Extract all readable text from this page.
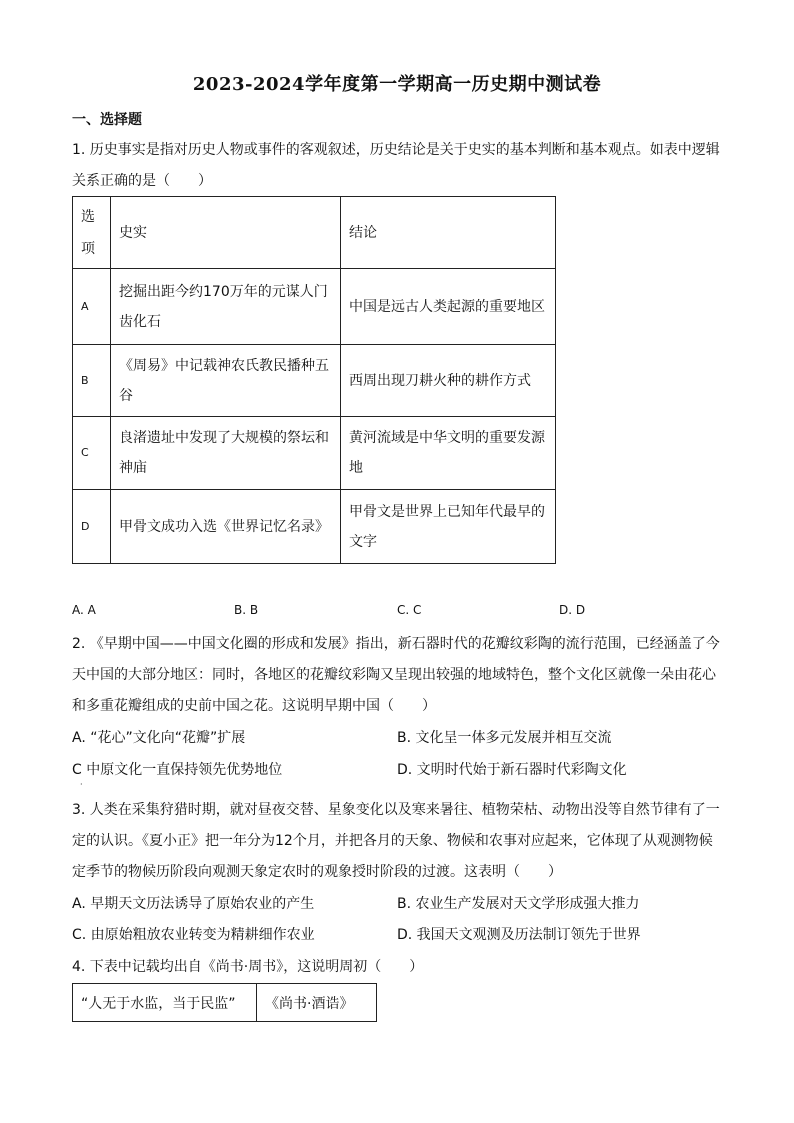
2023-2024学年度第一学期高一历史期中测试卷
一、选择题
1. 历史事实是指对历史人物或事件的客观叙述，历史结论是关于史实的基本判断和基本观点。如表中逻辑
关系正确的是（　　）
选项	史实	结论
A	挖掘出距今约170万年的元谋人门齿化石	中国是远古人类起源的重要地区
B	《周易》中记载神农氏教民播种五谷	西周出现刀耕火种的耕作方式
C	良渚遗址中发现了大规模的祭坛和神庙	黄河流域是中华文明的重要发源地
D	甲骨文成功入选《世界记忆名录》	甲骨文是世界上已知年代最早的文字
A. A	B. B	C. C	D. D
2. 《早期中国——中国文化圈的形成和发展》指出，新石器时代的花瓣纹彩陶的流行范围，已经涵盖了今
天中国的大部分地区：同时，各地区的花瓣纹彩陶又呈现出较强的地域特色，整个文化区就像一朵由花心
和多重花瓣组成的史前中国之花。这说明早期中国（　　）
A. “花心”文化向“花瓣”扩展	B. 文化呈一体多元发展并相互交流
C 中原文化一直保持领先优势地位	D. 文明时代始于新石器时代彩陶文化
·
3. 人类在采集狩猎时期，就对昼夜交替、星象变化以及寒来暑往、植物荣枯、动物出没等自然节律有了一
定的认识。《夏小正》把一年分为12个月，并把各月的天象、物候和农事对应起来，它体现了从观测物候
定季节的物候历阶段向观测天象定农时的观象授时阶段的过渡。这表明（　　）
A. 早期天文历法诱导了原始农业的产生	B. 农业生产发展对天文学形成强大推力
C. 由原始粗放农业转变为精耕细作农业	D. 我国天文观测及历法制订领先于世界
4. 下表中记载均出自《尚书·周书》，这说明周初（　　）
“人无于水监，当于民监”	《尚书·酒诰》
